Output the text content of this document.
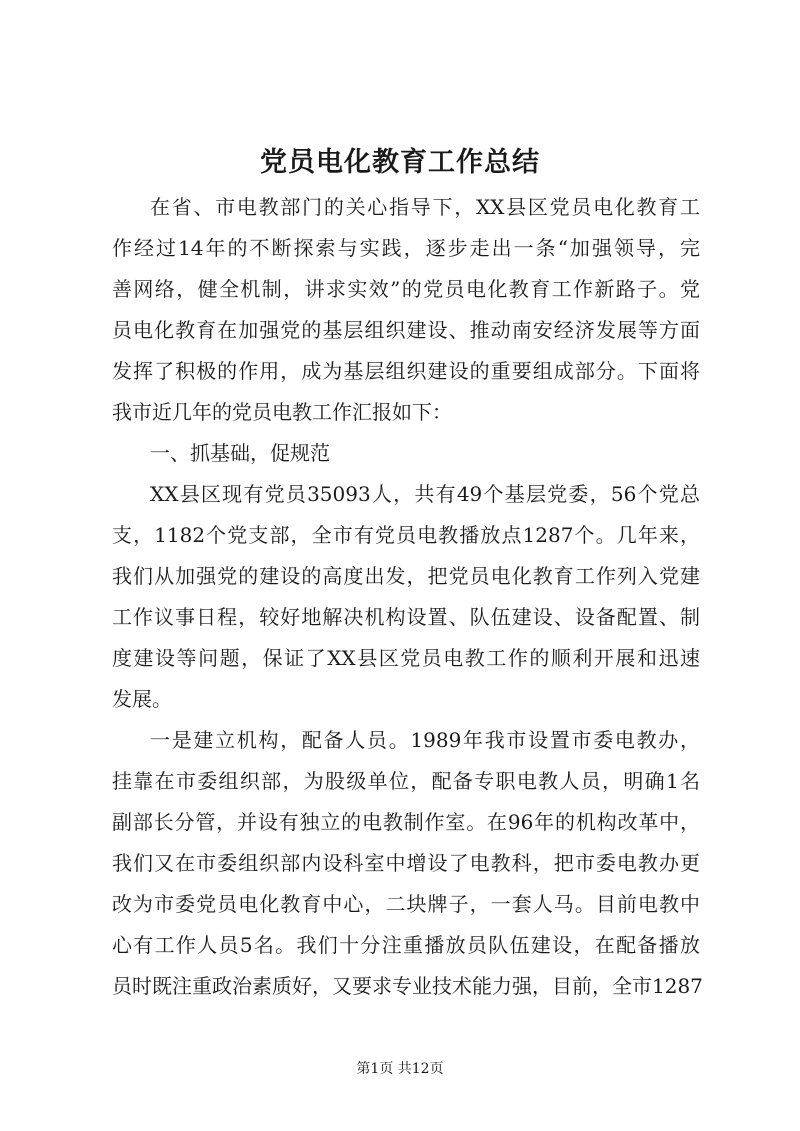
党员电化教育工作总结
在省、市电教部门的关心指导下，XX县区党员电化教育工
作经过14年的不断探索与实践，逐步走出一条“加强领导，完
善网络，健全机制，讲求实效”的党员电化教育工作新路子。党
员电化教育在加强党的基层组织建设、推动南安经济发展等方面
发挥了积极的作用，成为基层组织建设的重要组成部分。下面将
我市近几年的党员电教工作汇报如下：
一、抓基础，促规范
XX县区现有党员35093人，共有49个基层党委，56个党总
支，1182个党支部，全市有党员电教播放点1287个。几年来，
我们从加强党的建设的高度出发，把党员电化教育工作列入党建
工作议事日程，较好地解决机构设置、队伍建设、设备配置、制
度建设等问题，保证了XX县区党员电教工作的顺利开展和迅速
发展。
一是建立机构，配备人员。1989年我市设置市委电教办，
挂靠在市委组织部，为股级单位，配备专职电教人员，明确1名
副部长分管，并设有独立的电教制作室。在96年的机构改革中，
我们又在市委组织部内设科室中增设了电教科，把市委电教办更
改为市委党员电化教育中心，二块牌子，一套人马。目前电教中
心有工作人员5名。我们十分注重播放员队伍建设，在配备播放
员时既注重政治素质好，又要求专业技术能力强，目前，全市1287
第1页 共12页
